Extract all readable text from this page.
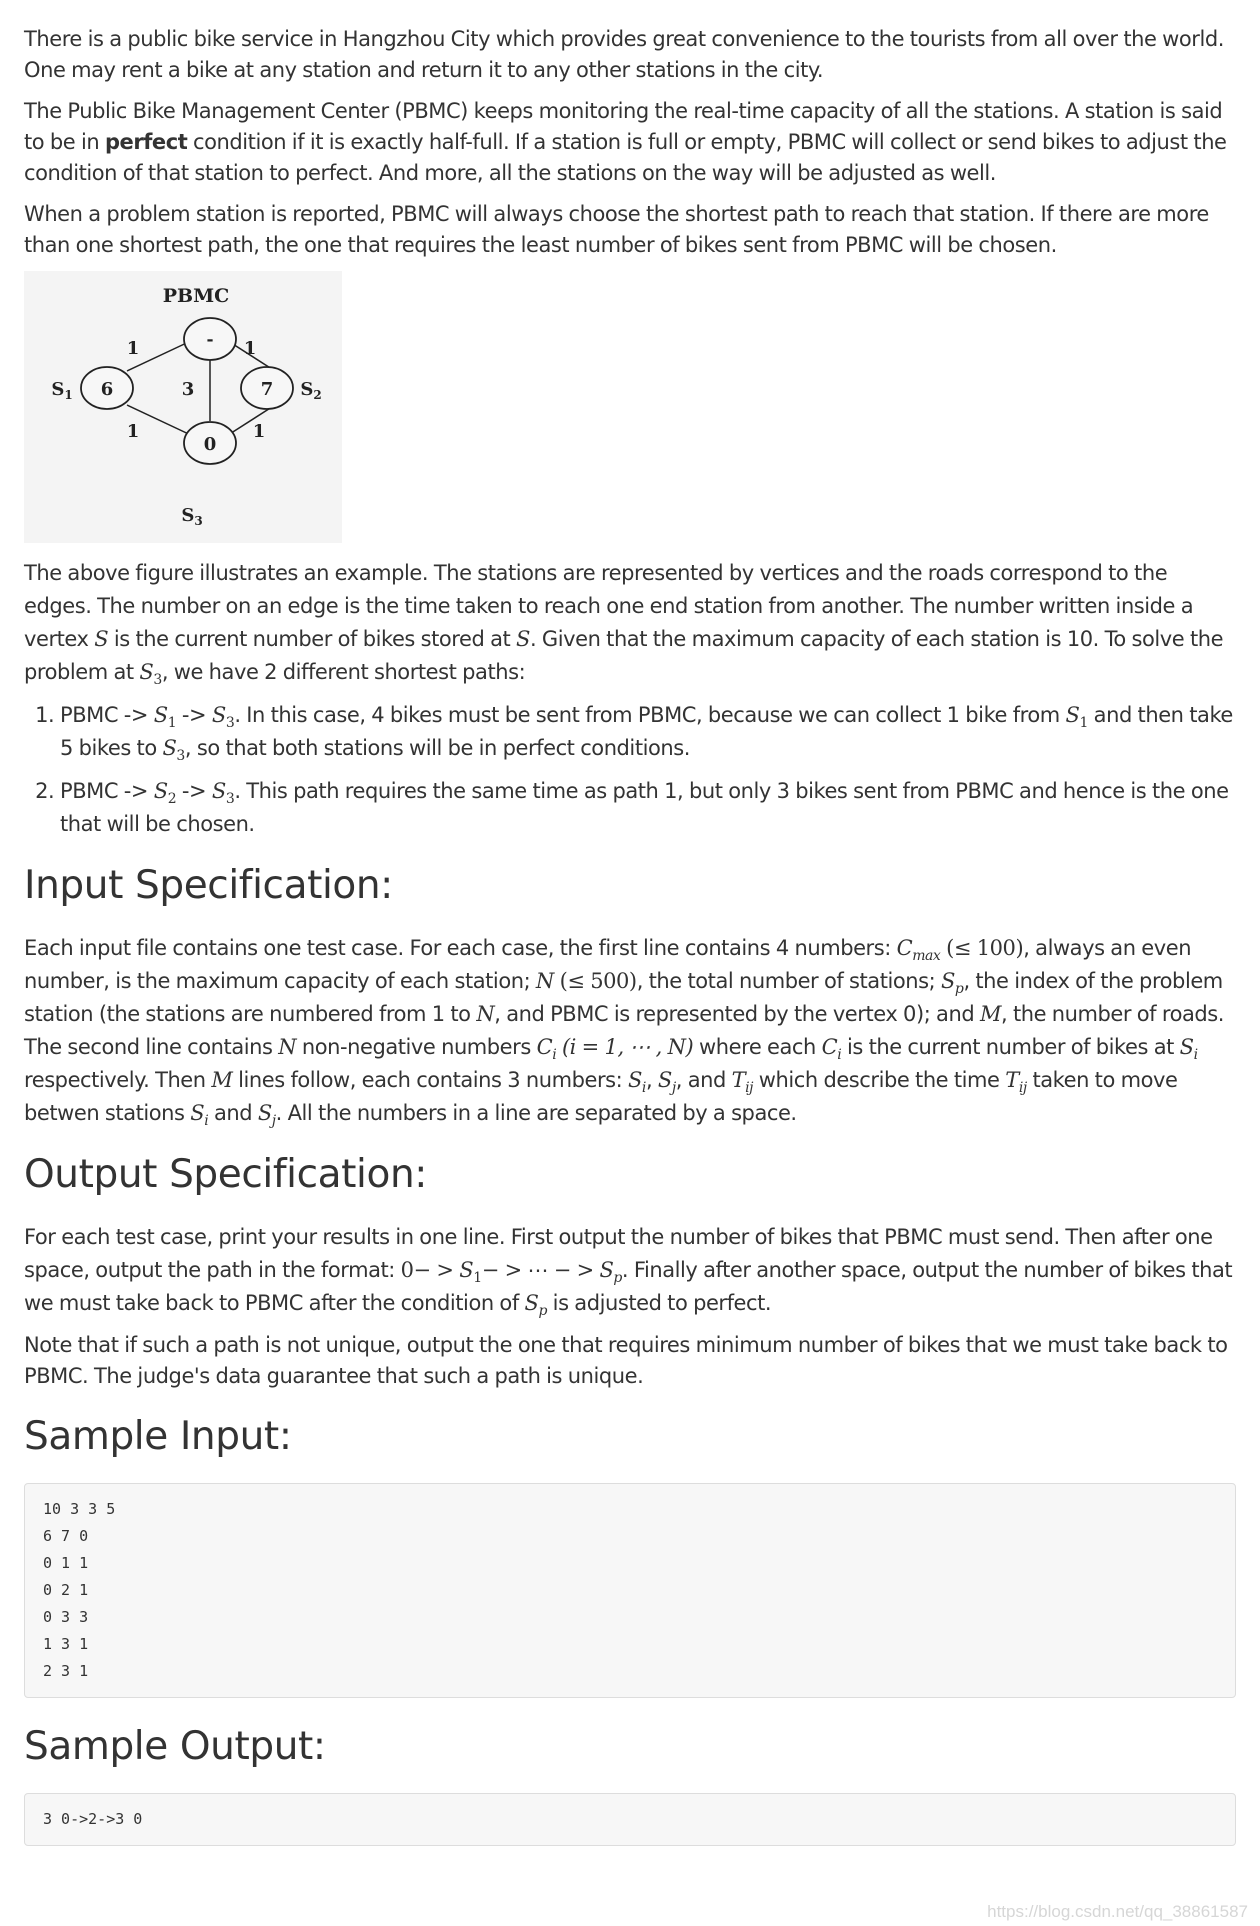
There is a public bike service in Hangzhou City which provides great convenience to the tourists from all over the world. One may rent a bike at any station and return it to any other stations in the city.

The Public Bike Management Center (PBMC) keeps monitoring the real-time capacity of all the stations. A station is said to be in perfect condition if it is exactly half-full. If a station is full or empty, PBMC will collect or send bikes to adjust the condition of that station to perfect. And more, all the stations on the way will be adjusted as well.

When a problem station is reported, PBMC will always choose the shortest path to reach that station. If there are more than one shortest path, the one that requires the least number of bikes sent from PBMC will be chosen.

PBMC
-
6	7
0
1	1
3
1	1
$S_1$	$S_2$
$S_3$

The above figure illustrates an example. The stations are represented by vertices and the roads correspond to the edges. The number on an edge is the time taken to reach one end station from another. The number written inside a vertex S is the current number of bikes stored at S. Given that the maximum capacity of each station is 10. To solve the problem at $S_3$, we have 2 different shortest paths:

1. PBMC -> $S_1 -> S_3$. In this case, 4 bikes must be sent from PBMC, because we can collect 1 bike from $S_1$ and then take 5 bikes to $S_3$, so that both stations will be in perfect conditions.
2. PBMC -> $S_2 -> S_3$. This path requires the same time as path 1, but only 3 bikes sent from PBMC and hence is the one that will be chosen.
Input Specification:

Each input file contains one test case. For each case, the first line contains 4 numbers: $C_{max}$ (≤ 100), always an even number, is the maximum capacity of each station; N (≤ 500), the total number of stations; $S_p$, the index of the problem station (the stations are numbered from 1 to N, and PBMC is represented by the vertex 0); and M, the number of roads. The second line contains N non-negative numbers $C_i$ (i = 1, ⋯ , N) where each $C_i$ is the current number of bikes at $S_i$ respectively. Then M lines follow, each contains 3 numbers: $S_i$, $S_j$, and $T_{ij}$ which describe the time $T_{ij}$ taken to move betwen stations $S_i$ and $S_j$. All the numbers in a line are separated by a space.

Output Specification:

For each test case, print your results in one line. First output the number of bikes that PBMC must send. Then after one space, output the path in the format: $0- > S_1-$ > ⋯ − > $S_p$. Finally after another space, output the number of bikes that we must take back to PBMC after the condition of $S_p$ is adjusted to perfect.

Note that if such a path is not unique, output the one that requires minimum number of bikes that we must take back to PBMC. The judge's data guarantee that such a path is unique.

Sample Input:
10 3 3 5
6 7 0
0 1 1
0 2 1
0 3 3
1 3 1
2 3 1
Sample Output:
3 0->2->3 0
https://blog.csdn.net/qq_38861587
